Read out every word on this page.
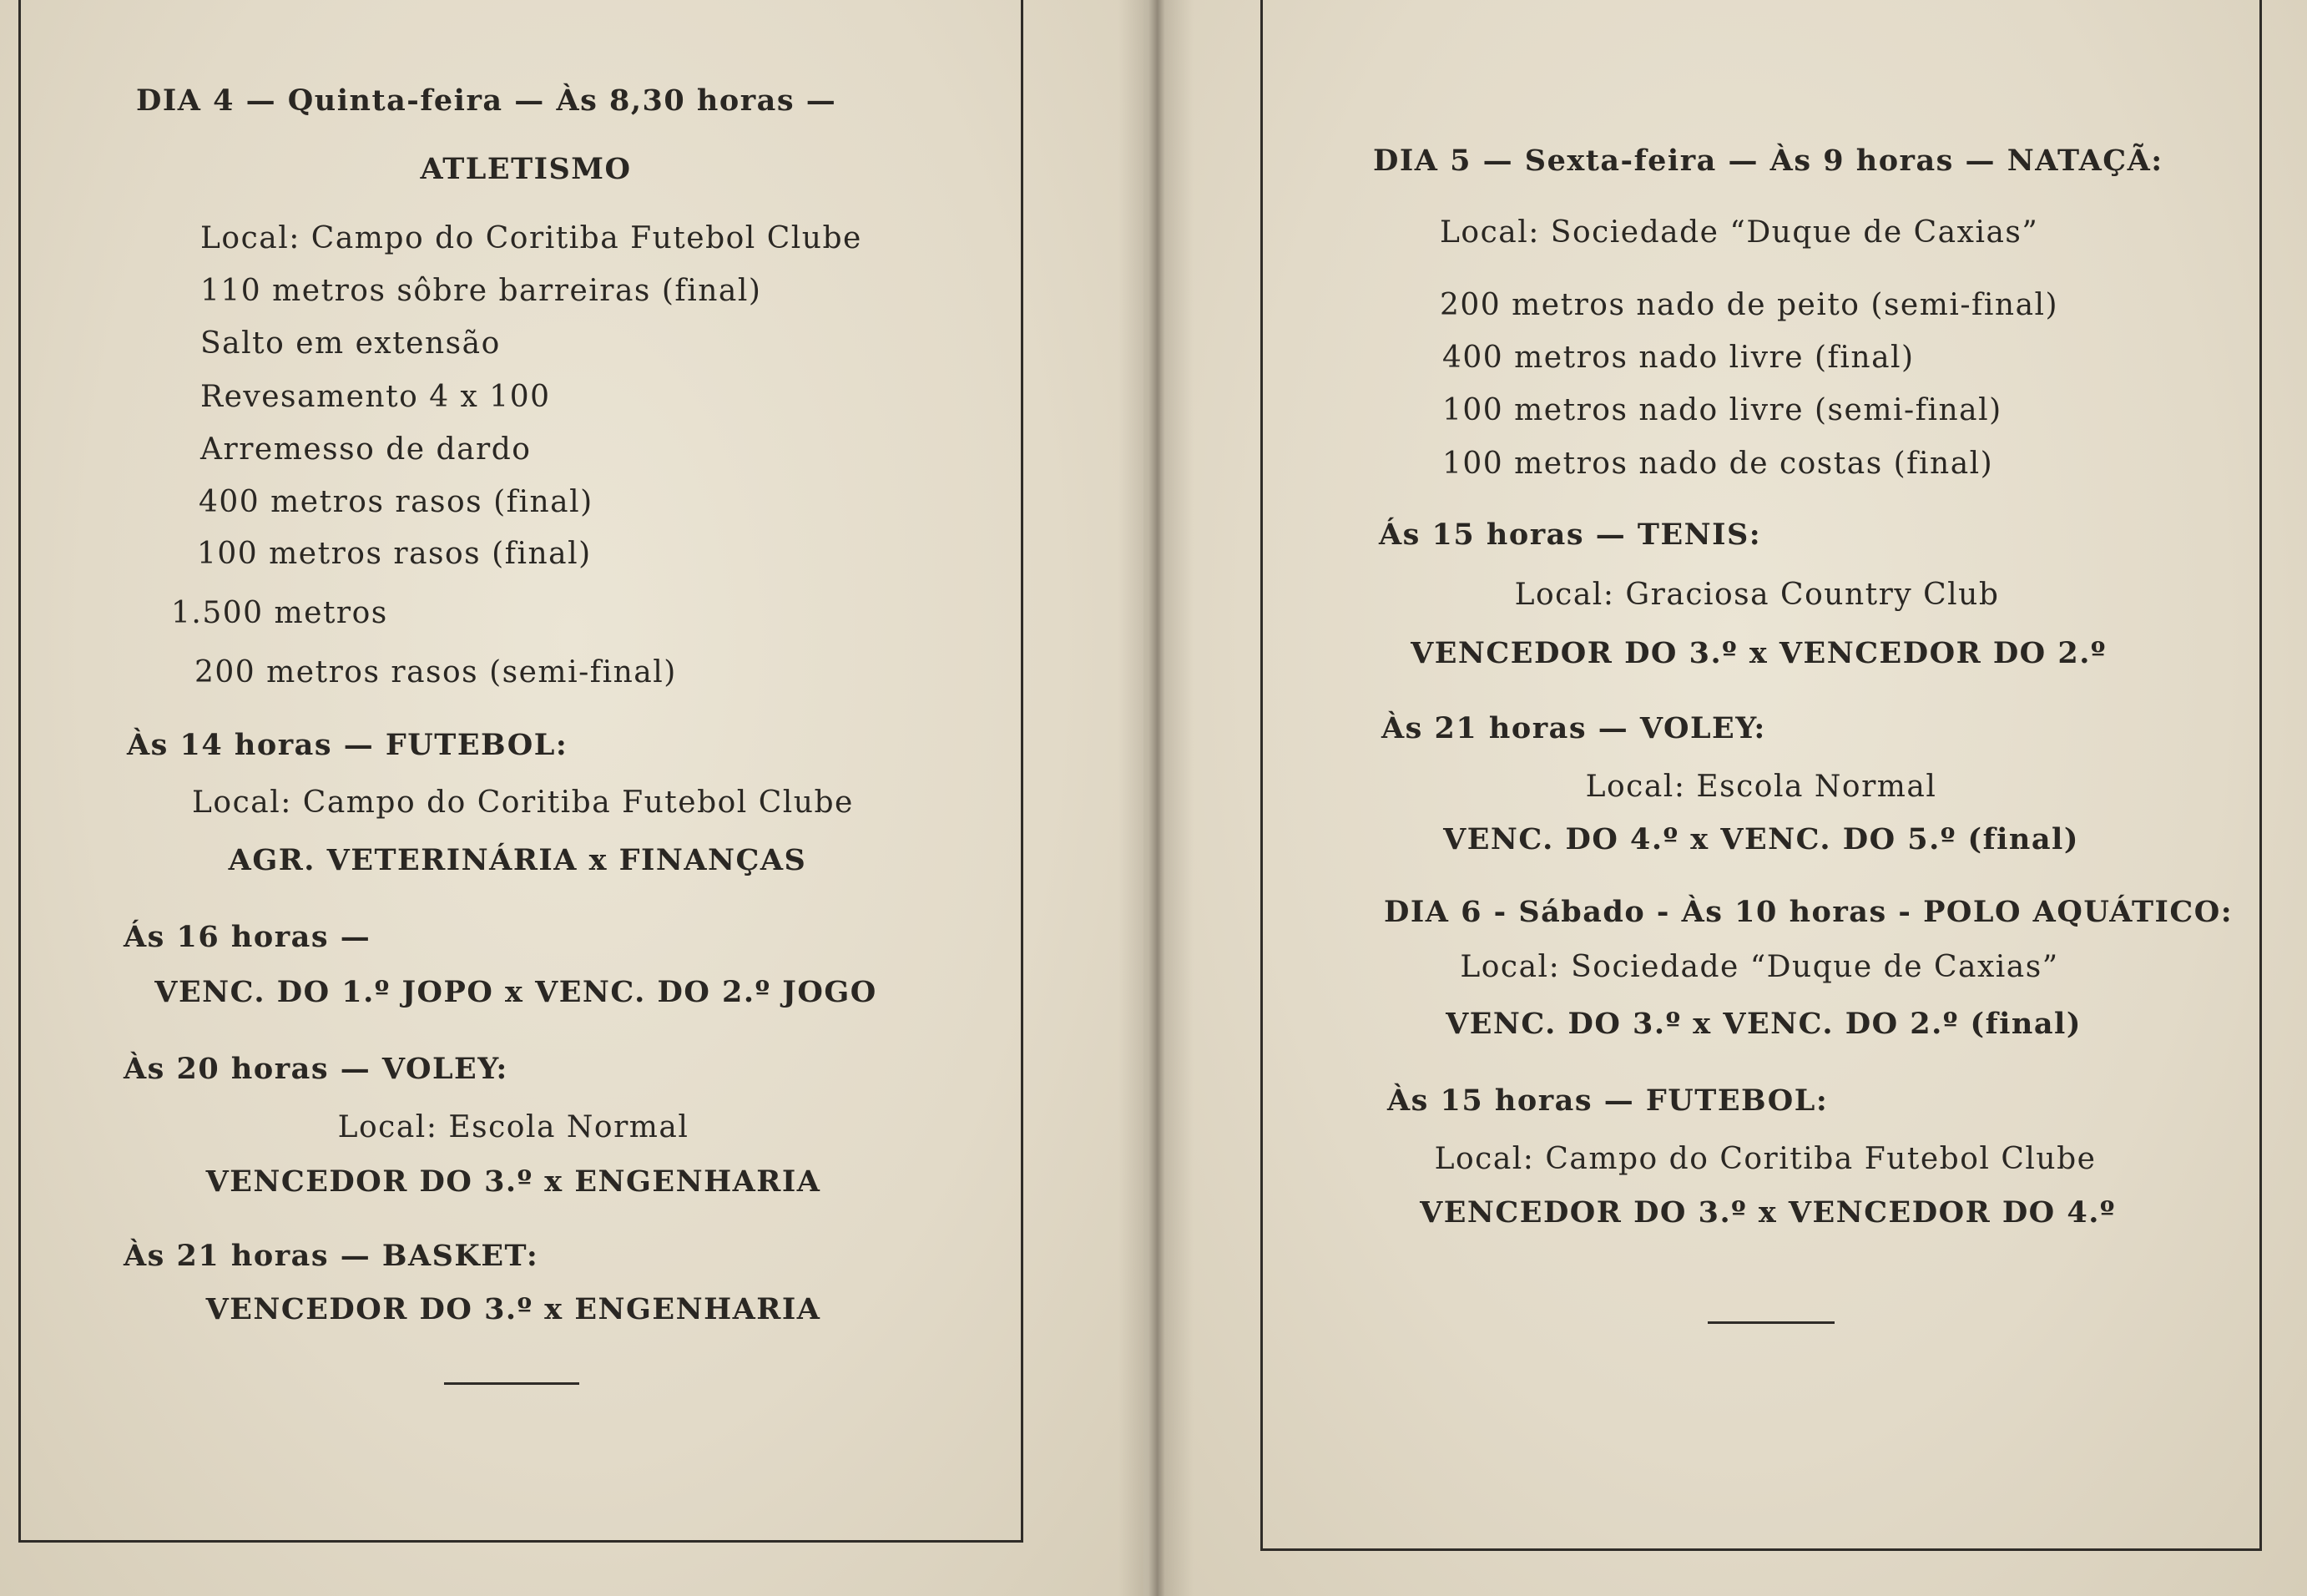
DIA 4 — Quinta-feira — Às 8,30 horas —
ATLETISMO
Local: Campo do Coritiba Futebol Clube
110 metros sôbre barreiras (final)
Salto em extensão
Revesamento 4 x 100
Arremesso de dardo
400 metros rasos (final)
100 metros rasos (final)
1.500 metros
200 metros rasos (semi-final)
Às 14 horas — FUTEBOL:
Local: Campo do Coritiba Futebol Clube
AGR. VETERINÁRIA x FINANÇAS
Ás 16 horas —
VENC. DO 1.º JOPO x VENC. DO 2.º JOGO
Às 20 horas — VOLEY:
Local: Escola Normal
VENCEDOR DO 3.º x ENGENHARIA
Às 21 horas — BASKET:
VENCEDOR DO 3.º x ENGENHARIA
DIA 5 — Sexta-feira — Às 9 horas — NATAÇÃ:
Local: Sociedade “Duque de Caxias”
200 metros nado de peito (semi-final)
400 metros nado livre (final)
100 metros nado livre (semi-final)
100 metros nado de costas (final)
Ás 15 horas — TENIS:
Local: Graciosa Country Club
VENCEDOR DO 3.º x VENCEDOR DO 2.º
Às 21 horas — VOLEY:
Local: Escola Normal
VENC. DO 4.º x VENC. DO 5.º (final)
DIA 6 - Sábado - Às 10 horas - POLO AQUÁTICO:
Local: Sociedade “Duque de Caxias”
VENC. DO 3.º x VENC. DO 2.º (final)
Às 15 horas — FUTEBOL:
Local: Campo do Coritiba Futebol Clube
VENCEDOR DO 3.º x VENCEDOR DO 4.º
